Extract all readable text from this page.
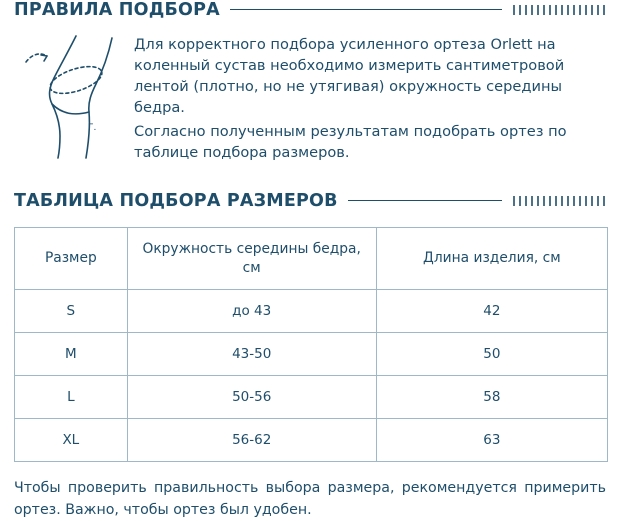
ПРАВИЛА ПОДБОРА
Г.

Для корректного подбора усиленного ортеза Orlett на коленный сустав необходимо измерить сантиметровой лентой (плотно, но не утягивая) окружность середины бедра.

Согласно полученным результатам подобрать ортез по таблице подбора размеров.

ТАБЛИЦА ПОДБОРА РАЗМЕРОВ
Размер	Окружность середины бедра, см	Длина изделия, см
S	до 43	42
M	43-50	50
L	50-56	58
XL	56-62	63

Чтобы проверить правильность выбора размера, рекомендуется примерить ортез. Важно, чтобы ортез был удобен.
